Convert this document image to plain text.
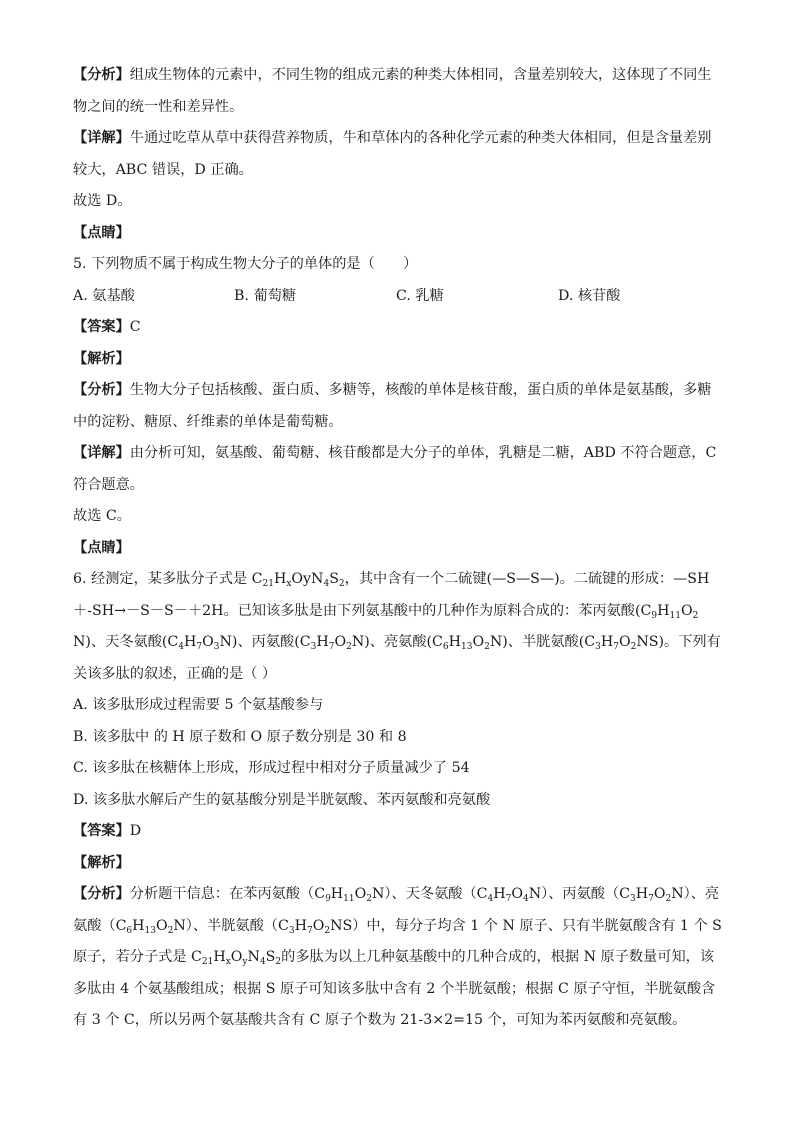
【分析】组成生物体的元素中，不同生物的组成元素的种类大体相同，含量差别较大，这体现了不同生物之间的统一性和差异性。

【详解】牛通过吃草从草中获得营养物质，牛和草体内的各种化学元素的种类大体相同，但是含量差别较大，ABC 错误，D 正确。

故选 D。

【点睛】

5. 下列物质不属于构成生物大分子的单体的是（　　）

A. 氨基酸	B. 葡萄糖	C. 乳糖	D. 核苷酸

【答案】C

【解析】

【分析】生物大分子包括核酸、蛋白质、多糖等，核酸的单体是核苷酸，蛋白质的单体是氨基酸，多糖中的淀粉、糖原、纤维素的单体是葡萄糖。

【详解】由分析可知，氨基酸、葡萄糖、核苷酸都是大分子的单体，乳糖是二糖，ABD 不符合题意，C 符合题意。

故选 C。

【点睛】

6. 经测定，某多肽分子式是 $C_{21}H_xOyN_4S_2$，其中含有一个二硫键(—S—S—)。二硫键的形成：—SH＋-SH→－S－S－＋2H。已知该多肽是由下列氨基酸中的几种作为原料合成的：苯丙氨酸$(C_9H_{11}O_2N)$、天冬氨酸$(C_4H_7O_3N)$、丙氨酸$(C_3H_7O_2N)$、亮氨酸$(C_6H_{13}O_2N)$、半胱氨酸$(C_3H_7O_2NS)$。下列有关该多肽的叙述，正确的是（ ）

A. 该多肽形成过程需要 5 个氨基酸参与

B. 该多肽中 的 H 原子数和 O 原子数分别是 30 和 8

C. 该多肽在核糖体上形成，形成过程中相对分子质量减少了 54

D. 该多肽水解后产生的氨基酸分别是半胱氨酸、苯丙氨酸和亮氨酸

【答案】D

【解析】

【分析】分析题干信息：在苯丙氨酸$(C_9H_{11}O_2N)$、天冬氨酸$(C_4H_7O_4N)$、丙氨酸$(C_3H_7O_2N)$、亮氨酸$(C_6H_{13}O_2N)$、半胱氨酸$(C_3H_7O_2NS)$中，每分子均含 1 个 N 原子、只有半胱氨酸含有 1 个 S 原子，若分子式是 $C_{21}H_xO_yN_4S_2$的多肽为以上几种氨基酸中的几种合成的，根据 N 原子数量可知，该多肽由 4 个氨基酸组成；根据 S 原子可知该多肽中含有 2 个半胱氨酸；根据 C 原子守恒，半胱氨酸含有 3 个 C，所以另两个氨基酸共含有 C 原子个数为 21-3×2=15 个，可知为苯丙氨酸和亮氨酸。
